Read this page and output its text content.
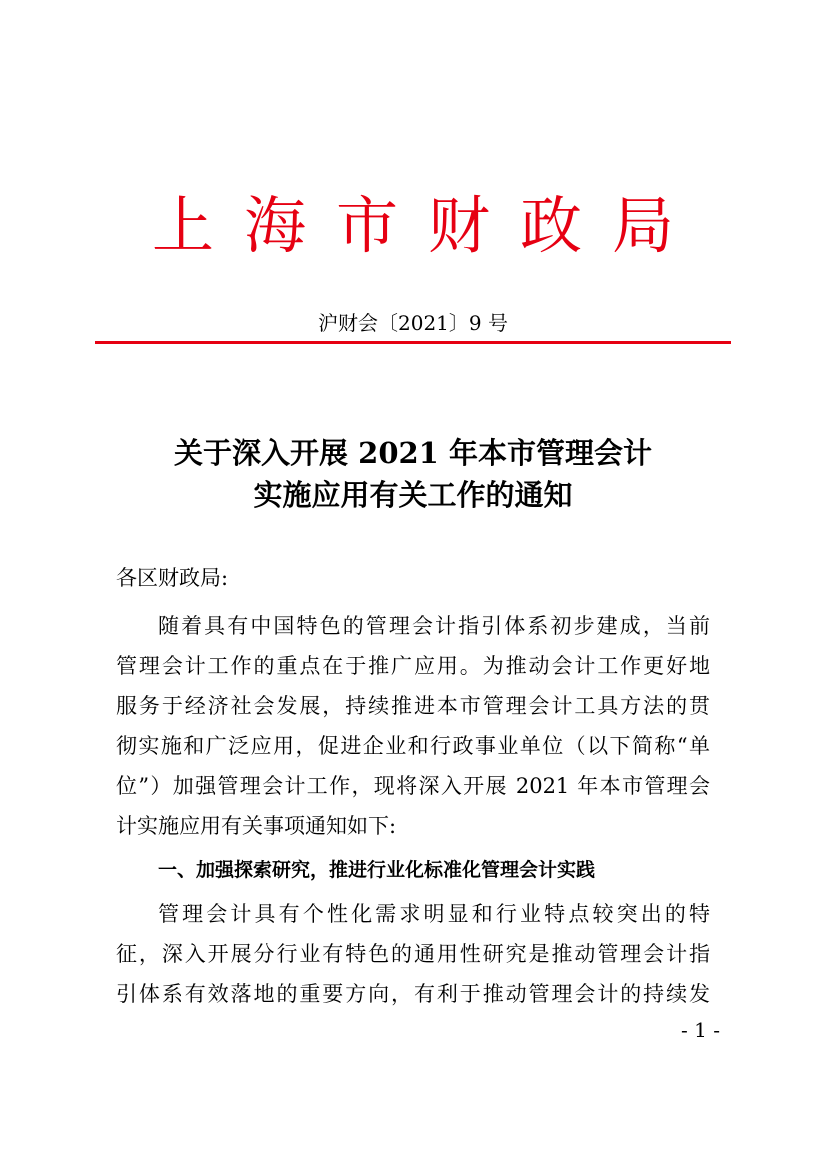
上海市财政局
沪财会〔2021〕9 号
关于深入开展 2021 年本市管理会计
实施应用有关工作的通知
各区财政局:
随着具有中国特色的管理会计指引体系初步建成，当前
管理会计工作的重点在于推广应用。为推动会计工作更好地
服务于经济社会发展，持续推进本市管理会计工具方法的贯
彻实施和广泛应用，促进企业和行政事业单位（以下简称“单
位”）加强管理会计工作，现将深入开展 2021 年本市管理会
计实施应用有关事项通知如下:
一、加强探索研究，推进行业化标准化管理会计实践
管理会计具有个性化需求明显和行业特点较突出的特
征，深入开展分行业有特色的通用性研究是推动管理会计指
引体系有效落地的重要方向，有利于推动管理会计的持续发
- 1 -
